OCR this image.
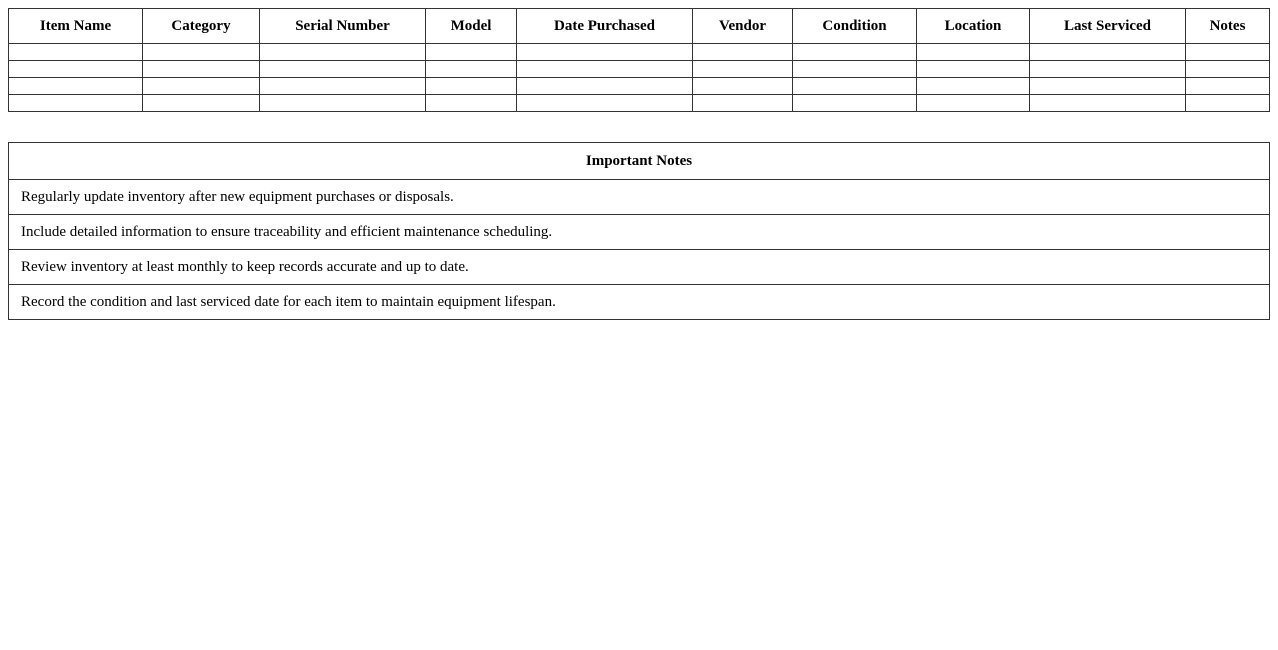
Item Name	Category	Serial Number	Model	Date Purchased	Vendor	Condition	Location	Last Serviced	Notes

Important Notes
Regularly update inventory after new equipment purchases or disposals.
Include detailed information to ensure traceability and efficient maintenance scheduling.
Review inventory at least monthly to keep records accurate and up to date.
Record the condition and last serviced date for each item to maintain equipment lifespan.
